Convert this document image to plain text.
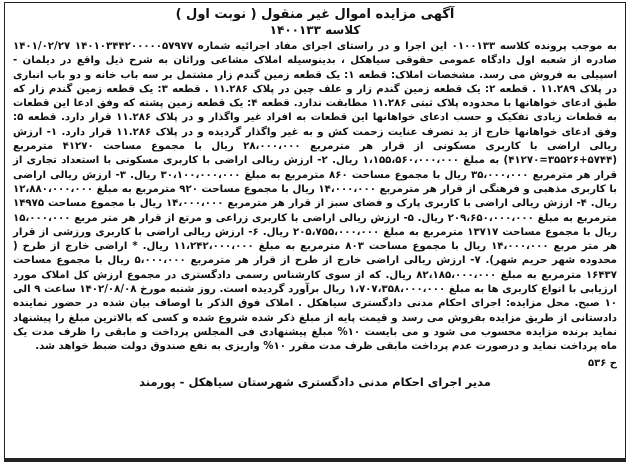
آگهی مزایده اموال غیر منقول ( نوبت اول )
کلاسه ۱۴۰۰۱۳۳

به موجب پرونده کلاسه ۰۱۰۰۱۳۳ این اجرا و در راستای اجرای مفاد اجرائیه شماره ۱۴۰۱۰۳۴۴۲۰۰۰۰۰۵۷۹۷۷ ۱۴۰۱/۰۲/۲۷ صادره از شعبه اول دادگاه عمومی حقوقی سیاهکل ، بدینوسیله املاک مشاعی وراثان به شرح ذیل واقع در دیلمان - اسپیلی به فروش می رسد. مشخصات املاک: قطعه ۱: یک قطعه زمین گندم زار مشتمل بر سه باب خانه و دو باب انباری در پلاک ۱۱.۲۸۹ . قطعه ۲: یک قطعه زمین گندم زار و علف چین در پلاک ۱۱.۲۸۶ . قطعه ۳: یک قطعه زمین گندم زار که طبق ادعای خواهانها با محدوده پلاک ثبتی ۱۱.۲۸۶ مطابقت ندارد. قطعه ۴: یک قطعه زمین پشته که وفق ادعا این قطعات به قطعات زیادی تفکیک و حسب ادعای خواهانها این قطعات به افراد غیر واگذار و در پلاک ۱۱.۲۸۶ قرار دارد. قطعه ۵: وفق ادعای خواهانها خارج از ید تصرف عنایت زحمت کش و به غیر واگذار گردیده و در پلاک ۱۱.۲۸۶ قرار دارد. ۱- ارزش ریالی اراضی با کاربری مسکونی از قرار هر مترمربع ۲۸،۰۰۰،۰۰۰ ریال با مجموع مساحت ۴۱۲۷۰ مترمربع (۵۷۴۴+۳۵۵۲۶=۴۱۲۷۰) به مبلغ ۱،۱۵۵،۵۶۰،۰۰۰،۰۰۰ ریال. ۲- ارزش ریالی اراضی با کاربری مسکونی با استعداد تجاری از قرار هر مترمربع ۳۵،۰۰۰،۰۰۰ ریال با مجموع مساحت ۸۶۰ مترمربع به مبلغ ۳۰،۱۰۰،۰۰۰،۰۰۰ ریال. ۳- ارزش ریالی اراضی با کاربری مذهبی و فرهنگی از قرار هر مترمربع ۱۴،۰۰۰،۰۰۰ ریال با مجموع مساحت ۹۲۰ مترمربع به مبلغ ۱۲،۸۸۰،۰۰۰،۰۰۰ ریال. ۴- ارزش ریالی اراضی با کاربری پارک و فضای سبز از قرار هر مترمربع ۱۴،۰۰۰،۰۰۰ ریال با مجموع مساحت ۱۴۹۷۵ مترمربع به مبلغ ۲۰۹،۶۵۰،۰۰۰،۰۰۰ ریال. ۵- ارزش ریالی اراضی با کاربری زراعی و مرتع از قرار هر متر مربع ۱۵،۰۰۰،۰۰۰ ریال با مجموع مساحت ۱۳۷۱۷ مترمربع به مبلغ ۲۰۵،۷۵۵،۰۰۰،۰۰۰ ریال. ۶- ارزش ریالی اراضی با کاربری ورزشی از قرار هر متر مربع ۱۴،۰۰۰،۰۰۰ ریال با مجموع مساحت ۸۰۳ مترمربع به مبلغ ۱۱،۲۴۲،۰۰۰،۰۰۰ ریال. * اراضی خارج از طرح ( محدوده شهر حریم شهر). ۷- ارزش ریالی اراضی خارج از طرح از قرار هر مترمربع ۵،۰۰۰،۰۰۰ ریال با مجموع مساحت ۱۶۴۳۷ مترمربع به مبلغ ۸۲،۱۸۵،۰۰۰،۰۰۰ ریال. که از سوی کارشناس رسمی دادگستری در مجموع ارزش کل املاک مورد ارزیابی با انواع کاربری ها به مبلغ ۱،۷۰۷،۳۵۸،۰۰۰،۰۰۰ ریال برآورد گردیده است. روز شنبه مورخ ۱۴۰۲/۰۸/۰۸ ساعت ۹ الی ۱۰ صبح. محل مزایده: اجرای احکام مدنی دادگستری سیاهکل . املاک فوق الذکر با اوصاف بیان شده در حضور نماینده دادستانی از طریق مزایده بفروش می رسد و قیمت پایه از مبلغ ذکر شده شروع شده و کسی که بالاترین مبلغ را پیشنهاد نماید برنده مزایده محسوب می شود و می بایست ۱۰% مبلغ پیشنهادی فی المجلس پرداخت و مابقی را ظرف مدت یک ماه پرداخت نماید و درصورت عدم پرداخت مابقی ظرف مدت مقرر ۱۰% واریزی به نفع صندوق دولت ضبط خواهد شد.

ح ۵۳۶

مدیر اجرای احکام مدنی دادگستری شهرستان سیاهکل - پورمند
